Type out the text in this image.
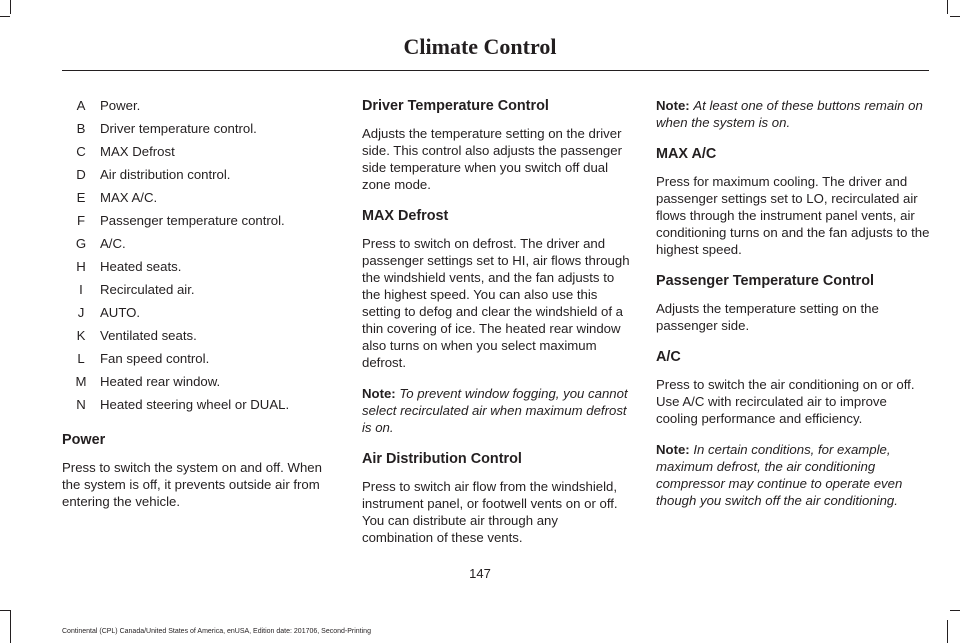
Climate Control
A	Power.
B	Driver temperature control.
C	MAX Defrost
D	Air distribution control.
E	MAX A/C.
F	Passenger temperature control.
G	A/C.
H	Heated seats.
I	Recirculated air.
J	AUTO.
K	Ventilated seats.
L	Fan speed control.
M	Heated rear window.
N	Heated steering wheel or DUAL.
Power

Press to switch the system on and off. When the system is off, it prevents outside air from entering the vehicle.

Driver Temperature Control

Adjusts the temperature setting on the driver side. This control also adjusts the passenger side temperature when you switch off dual zone mode.

MAX Defrost

Press to switch on defrost. The driver and passenger settings set to HI, air flows through the windshield vents, and the fan adjusts to the highest speed. You can also use this setting to defog and clear the windshield of a thin covering of ice. The heated rear window also turns on when you select maximum defrost.

Note: To prevent window fogging, you cannot select recirculated air when maximum defrost is on.

Air Distribution Control

Press to switch air flow from the windshield, instrument panel, or footwell vents on or off. You can distribute air through any combination of these vents.

Note: At least one of these buttons remain on when the system is on.

MAX A/C

Press for maximum cooling. The driver and passenger settings set to LO, recirculated air flows through the instrument panel vents, air conditioning turns on and the fan adjusts to the highest speed.

Passenger Temperature Control

Adjusts the temperature setting on the passenger side.

A/C

Press to switch the air conditioning on or off. Use A/C with recirculated air to improve cooling performance and efficiency.

Note: In certain conditions, for example, maximum defrost, the air conditioning compressor may continue to operate even though you switch off the air conditioning.

147
Continental (CPL) Canada/United States of America, enUSA, Edition date: 201706, Second-Printing
